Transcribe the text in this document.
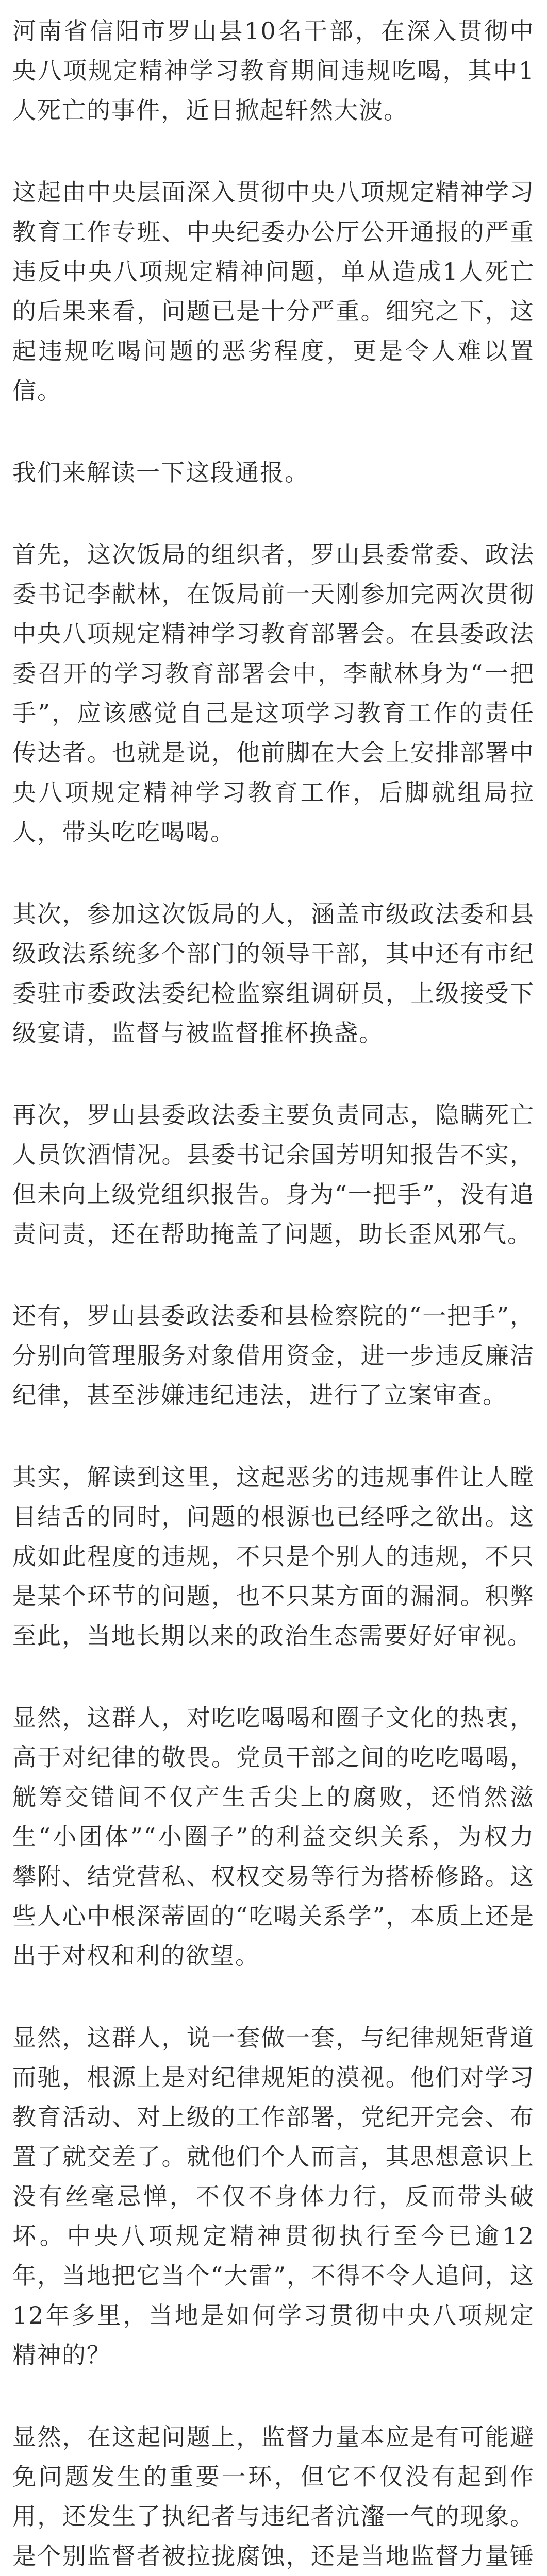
河南省信阳市罗山县10名干部，在深入贯彻中央八项规定精神学习教育期间违规吃喝，其中1人死亡的事件，近日掀起轩然大波。

这起由中央层面深入贯彻中央八项规定精神学习教育工作专班、中央纪委办公厅公开通报的严重违反中央八项规定精神问题，单从造成1人死亡的后果来看，问题已是十分严重。细究之下，这起违规吃喝问题的恶劣程度，更是令人难以置信。

我们来解读一下这段通报。

首先，这次饭局的组织者，罗山县委常委、政法委书记李献林，在饭局前一天刚参加完两次贯彻中央八项规定精神学习教育部署会。在县委政法委召开的学习教育部署会中，李献林身为“一把手”，应该感觉自己是这项学习教育工作的责任传达者。也就是说，他前脚在大会上安排部署中央八项规定精神学习教育工作，后脚就组局拉人，带头吃吃喝喝。

其次，参加这次饭局的人，涵盖市级政法委和县级政法系统多个部门的领导干部，其中还有市纪委驻市委政法委纪检监察组调研员，上级接受下级宴请，监督与被监督推杯换盏。

再次，罗山县委政法委主要负责同志，隐瞒死亡人员饮酒情况。县委书记余国芳明知报告不实，但未向上级党组织报告。身为“一把手”，没有追责问责，还在帮助掩盖了问题，助长歪风邪气。

还有，罗山县委政法委和县检察院的“一把手”，分别向管理服务对象借用资金，进一步违反廉洁纪律，甚至涉嫌违纪违法，进行了立案审查。

其实，解读到这里，这起恶劣的违规事件让人瞠目结舌的同时，问题的根源也已经呼之欲出。这成如此程度的违规，不只是个别人的违规，不只是某个环节的问题，也不只某方面的漏洞。积弊至此，当地长期以来的政治生态需要好好审视。

显然，这群人，对吃吃喝喝和圈子文化的热衷，高于对纪律的敬畏。党员干部之间的吃吃喝喝，觥筹交错间不仅产生舌尖上的腐败，还悄然滋生“小团体”“小圈子”的利益交织关系，为权力攀附、结党营私、权权交易等行为搭桥修路。这些人心中根深蒂固的“吃喝关系学”，本质上还是出于对权和利的欲望。

显然，这群人，说一套做一套，与纪律规矩背道而驰，根源上是对纪律规矩的漠视。他们对学习教育活动、对上级的工作部署，党纪开完会、布置了就交差了。就他们个人而言，其思想意识上没有丝毫忌惮，不仅不身体力行，反而带头破坏。中央八项规定精神贯彻执行至今已逾12年，当地把它当个“大雷”，不得不令人追问，这12年多里，当地是如何学习贯彻中央八项规定精神的？

显然，在这起问题上，监督力量本应是有可能避免问题发生的重要一环，但它不仅没有起到作用，还发生了执纪者与违纪者沆瀣一气的现象。是个别监督者被拉拢腐蚀，还是当地监督力量锤
